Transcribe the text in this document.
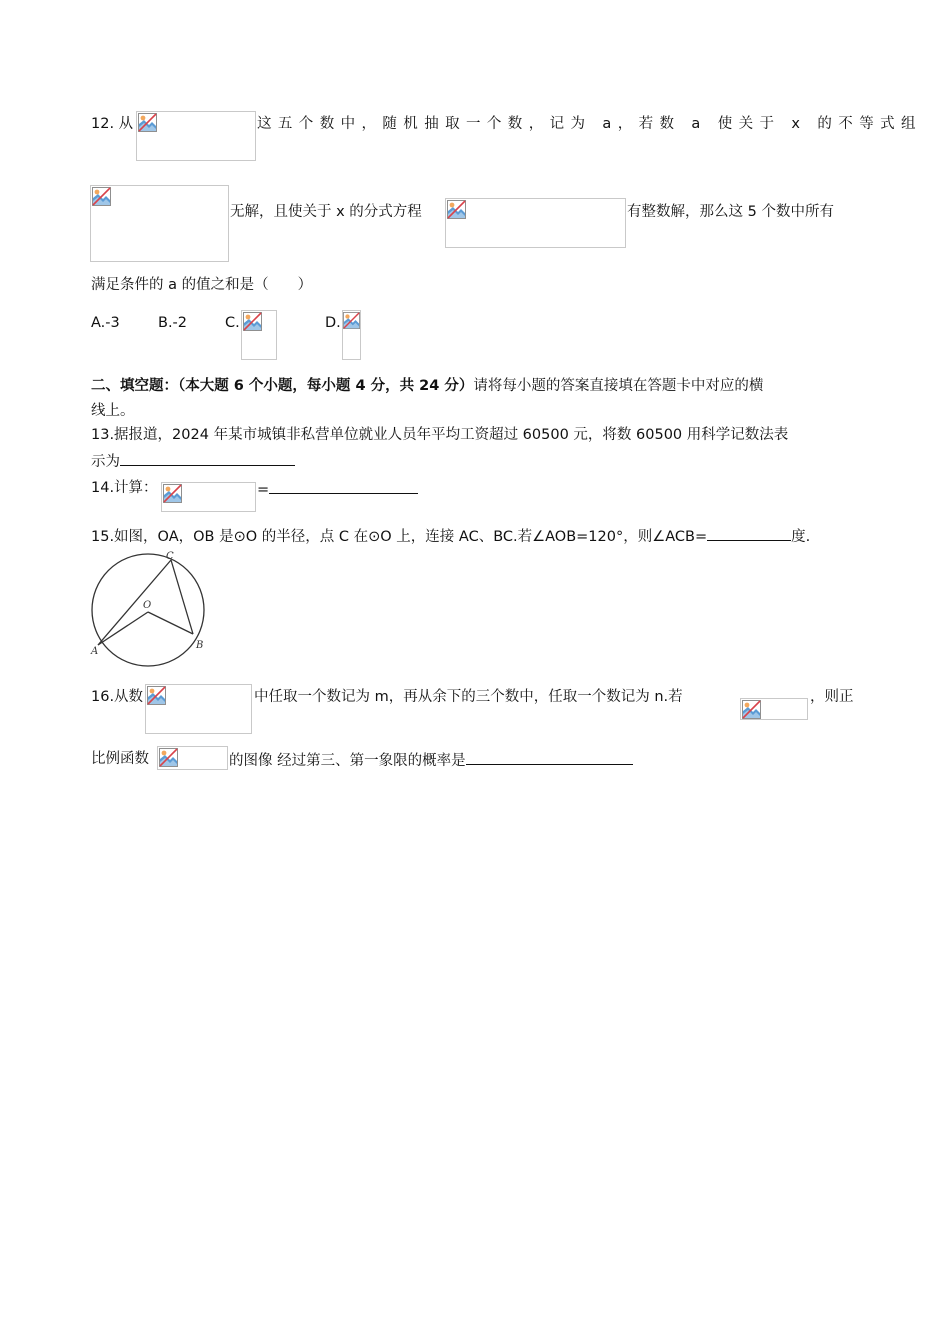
12. 从	这五个数中，随机抽取一个数，记为 a，若数 a 使关于 x 的不等式组
无解，且使关于 x 的分式方程	有整数解，那么这 5 个数中所有
满足条件的 a 的值之和是（　　）
A.-3	B.-2	C.	D.
二、填空题：（本大题 6 个小题，每小题 4 分，共 24 分）请将每小题的答案直接填在答题卡中对应的横
线上。
13.据报道，2024 年某市城镇非私营单位就业人员年平均工资超过 60500 元，将数 60500 用科学记数法表
示为
14.计算：	=
15.如图，OA，OB 是⊙O 的半径，点 C 在⊙O 上，连接 AC、BC.若∠AOB=120°，则∠ACB=	度.
C
O
A
B
16.从数	中任取一个数记为 m，再从余下的三个数中，任取一个数记为 n.若	，则正
比例函数	的图像 经过第三、第一象限的概率是
